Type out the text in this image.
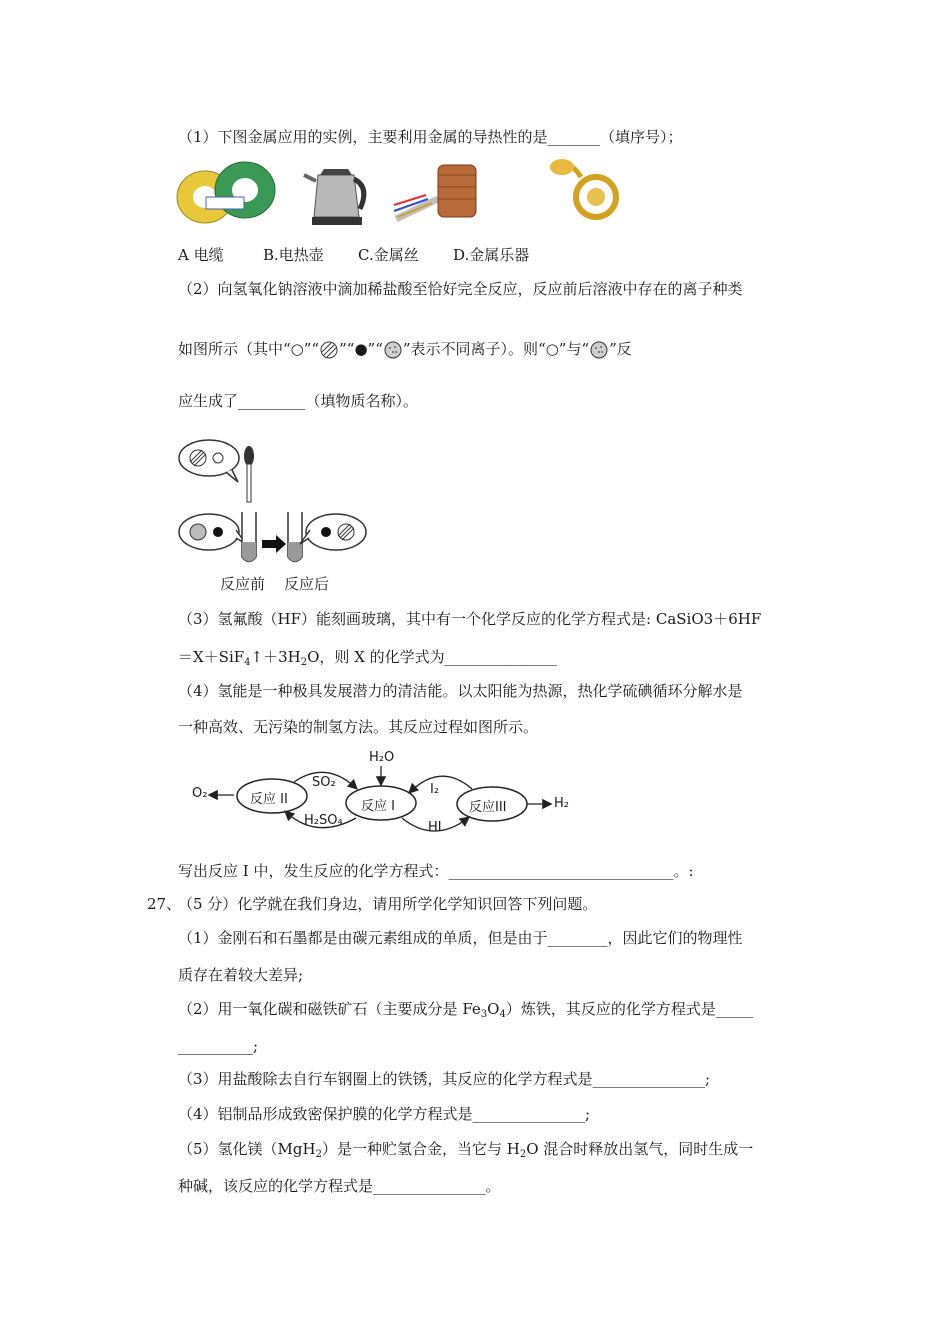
（1）下图金属应用的实例，主要利用金属的导热性的是_______（填序号）；
A 电缆	B.电热壶 C.金属丝 D.金属乐器
（2）向氢氧化钠溶液中滴加稀盐酸至恰好完全反应，反应前后溶液中存在的离子种类
如图所示（其中“○”“ ”“●”“ ”表示不同离子）。则“○”与“ ”反
应生成了_________（填物质名称）。
反应前 反应后
（3）氢氟酸（HF）能刻画玻璃，其中有一个化学反应的化学方程式是: CaSiO3＋6HF
$=X+SiF_4↑+3H_2O$，则 X 的化学式为_______________
（4）氢能是一种极具发展潜力的清洁能。以太阳能为热源，热化学硫碘循环分解水是
一种高效、无污染的制氢方法。其反应过程如图所示。
O₂	反应 II	反应 I	反应III	H₂
H₂O
SO₂
H₂SO₄
I₂
HI
写出反应 I 中，发生反应的化学方程式：______________________________。:
27、
（5 分）化学就在我们身边，请用所学化学知识回答下列问题。
（1）金刚石和石墨都是由碳元素组成的单质，但是由于________，因此它们的物理性
质存在着较大差异;
（2）用一氧化碳和磁铁矿石（主要成分是 $Fe_3O_4$）炼铁，其反应的化学方程式是_____
__________;
（3）用盐酸除去自行车钢圈上的铁锈，其反应的化学方程式是_______________;
（4）铝制品形成致密保护膜的化学方程式是_______________;
（5）氢化镁（MgH$_2$）是一种贮氢合金，当它与 $H_2O$ 混合时释放出氢气，同时生成一
种碱，该反应的化学方程式是_______________。
